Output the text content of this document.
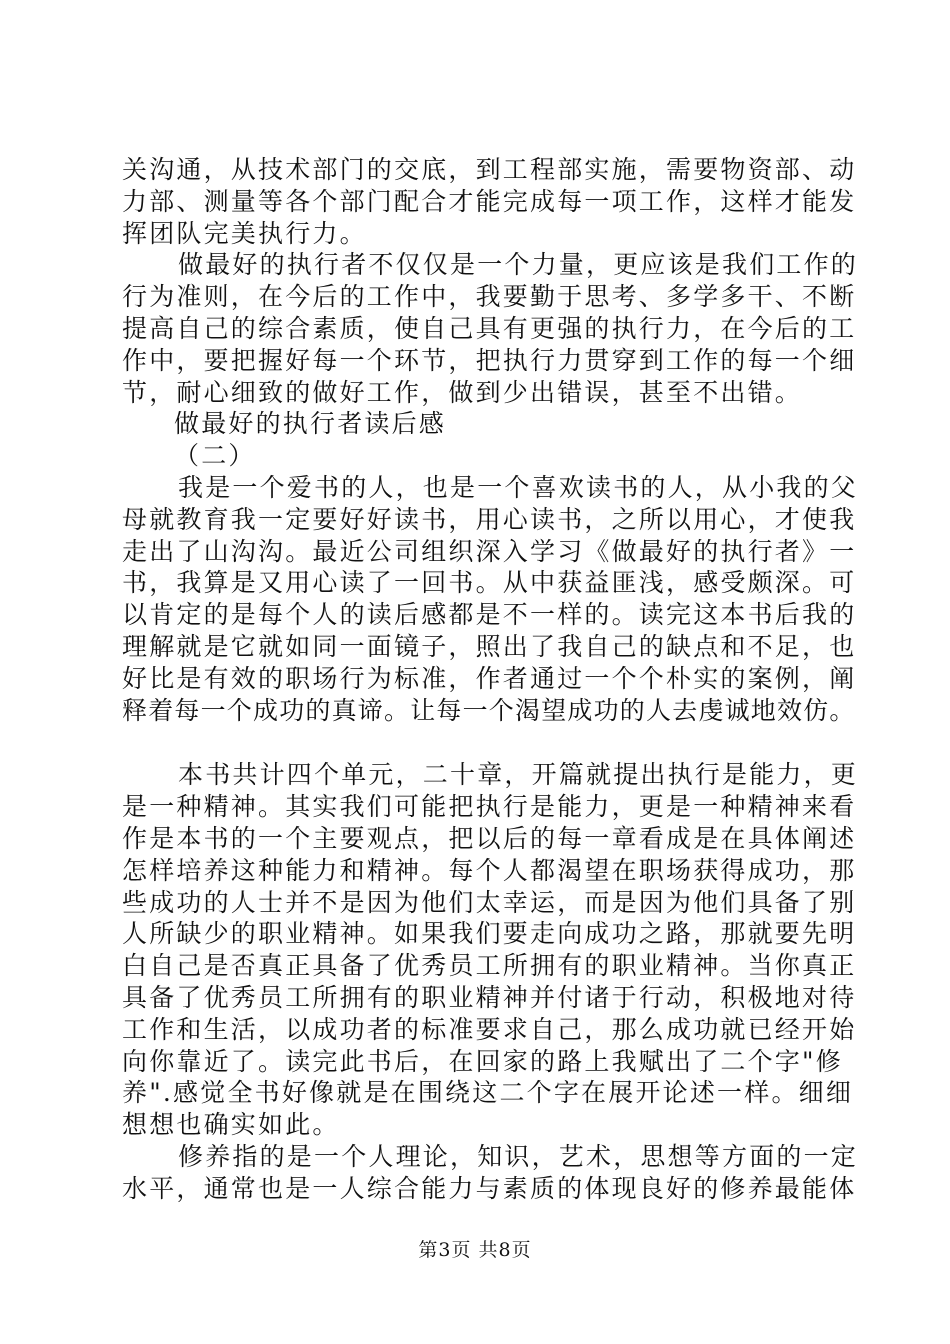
关沟通，从技术部门的交底，到工程部实施，需要物资部、动
力部、测量等各个部门配合才能完成每一项工作，这样才能发
挥团队完美执行力。
做最好的执行者不仅仅是一个力量，更应该是我们工作的
行为准则，在今后的工作中，我要勤于思考、多学多干、不断
提高自己的综合素质，使自己具有更强的执行力，在今后的工
作中，要把握好每一个环节，把执行力贯穿到工作的每一个细
节，耐心细致的做好工作，做到少出错误，甚至不出错。
做最好的执行者读后感
（二）
我是一个爱书的人，也是一个喜欢读书的人，从小我的父
母就教育我一定要好好读书，用心读书，之所以用心，才使我
走出了山沟沟。最近公司组织深入学习《做最好的执行者》一
书，我算是又用心读了一回书。从中获益匪浅，感受颇深。可
以肯定的是每个人的读后感都是不一样的。读完这本书后我的
理解就是它就如同一面镜子，照出了我自己的缺点和不足，也
好比是有效的职场行为标准，作者通过一个个朴实的案例，阐
释着每一个成功的真谛。让每一个渴望成功的人去虔诚地效仿。
本书共计四个单元，二十章，开篇就提出执行是能力，更
是一种精神。其实我们可能把执行是能力，更是一种精神来看
作是本书的一个主要观点，把以后的每一章看成是在具体阐述
怎样培养这种能力和精神。每个人都渴望在职场获得成功，那
些成功的人士并不是因为他们太幸运，而是因为他们具备了别
人所缺少的职业精神。如果我们要走向成功之路，那就要先明
白自己是否真正具备了优秀员工所拥有的职业精神。当你真正
具备了优秀员工所拥有的职业精神并付诸于行动，积极地对待
工作和生活，以成功者的标准要求自己，那么成功就已经开始
向你靠近了。读完此书后，在回家的路上我赋出了二个字"修
养".感觉全书好像就是在围绕这二个字在展开论述一样。细细
想想也确实如此。
修养指的是一个人理论，知识，艺术，思想等方面的一定
水平，通常也是一人综合能力与素质的体现良好的修养最能体
第3页 共8页
